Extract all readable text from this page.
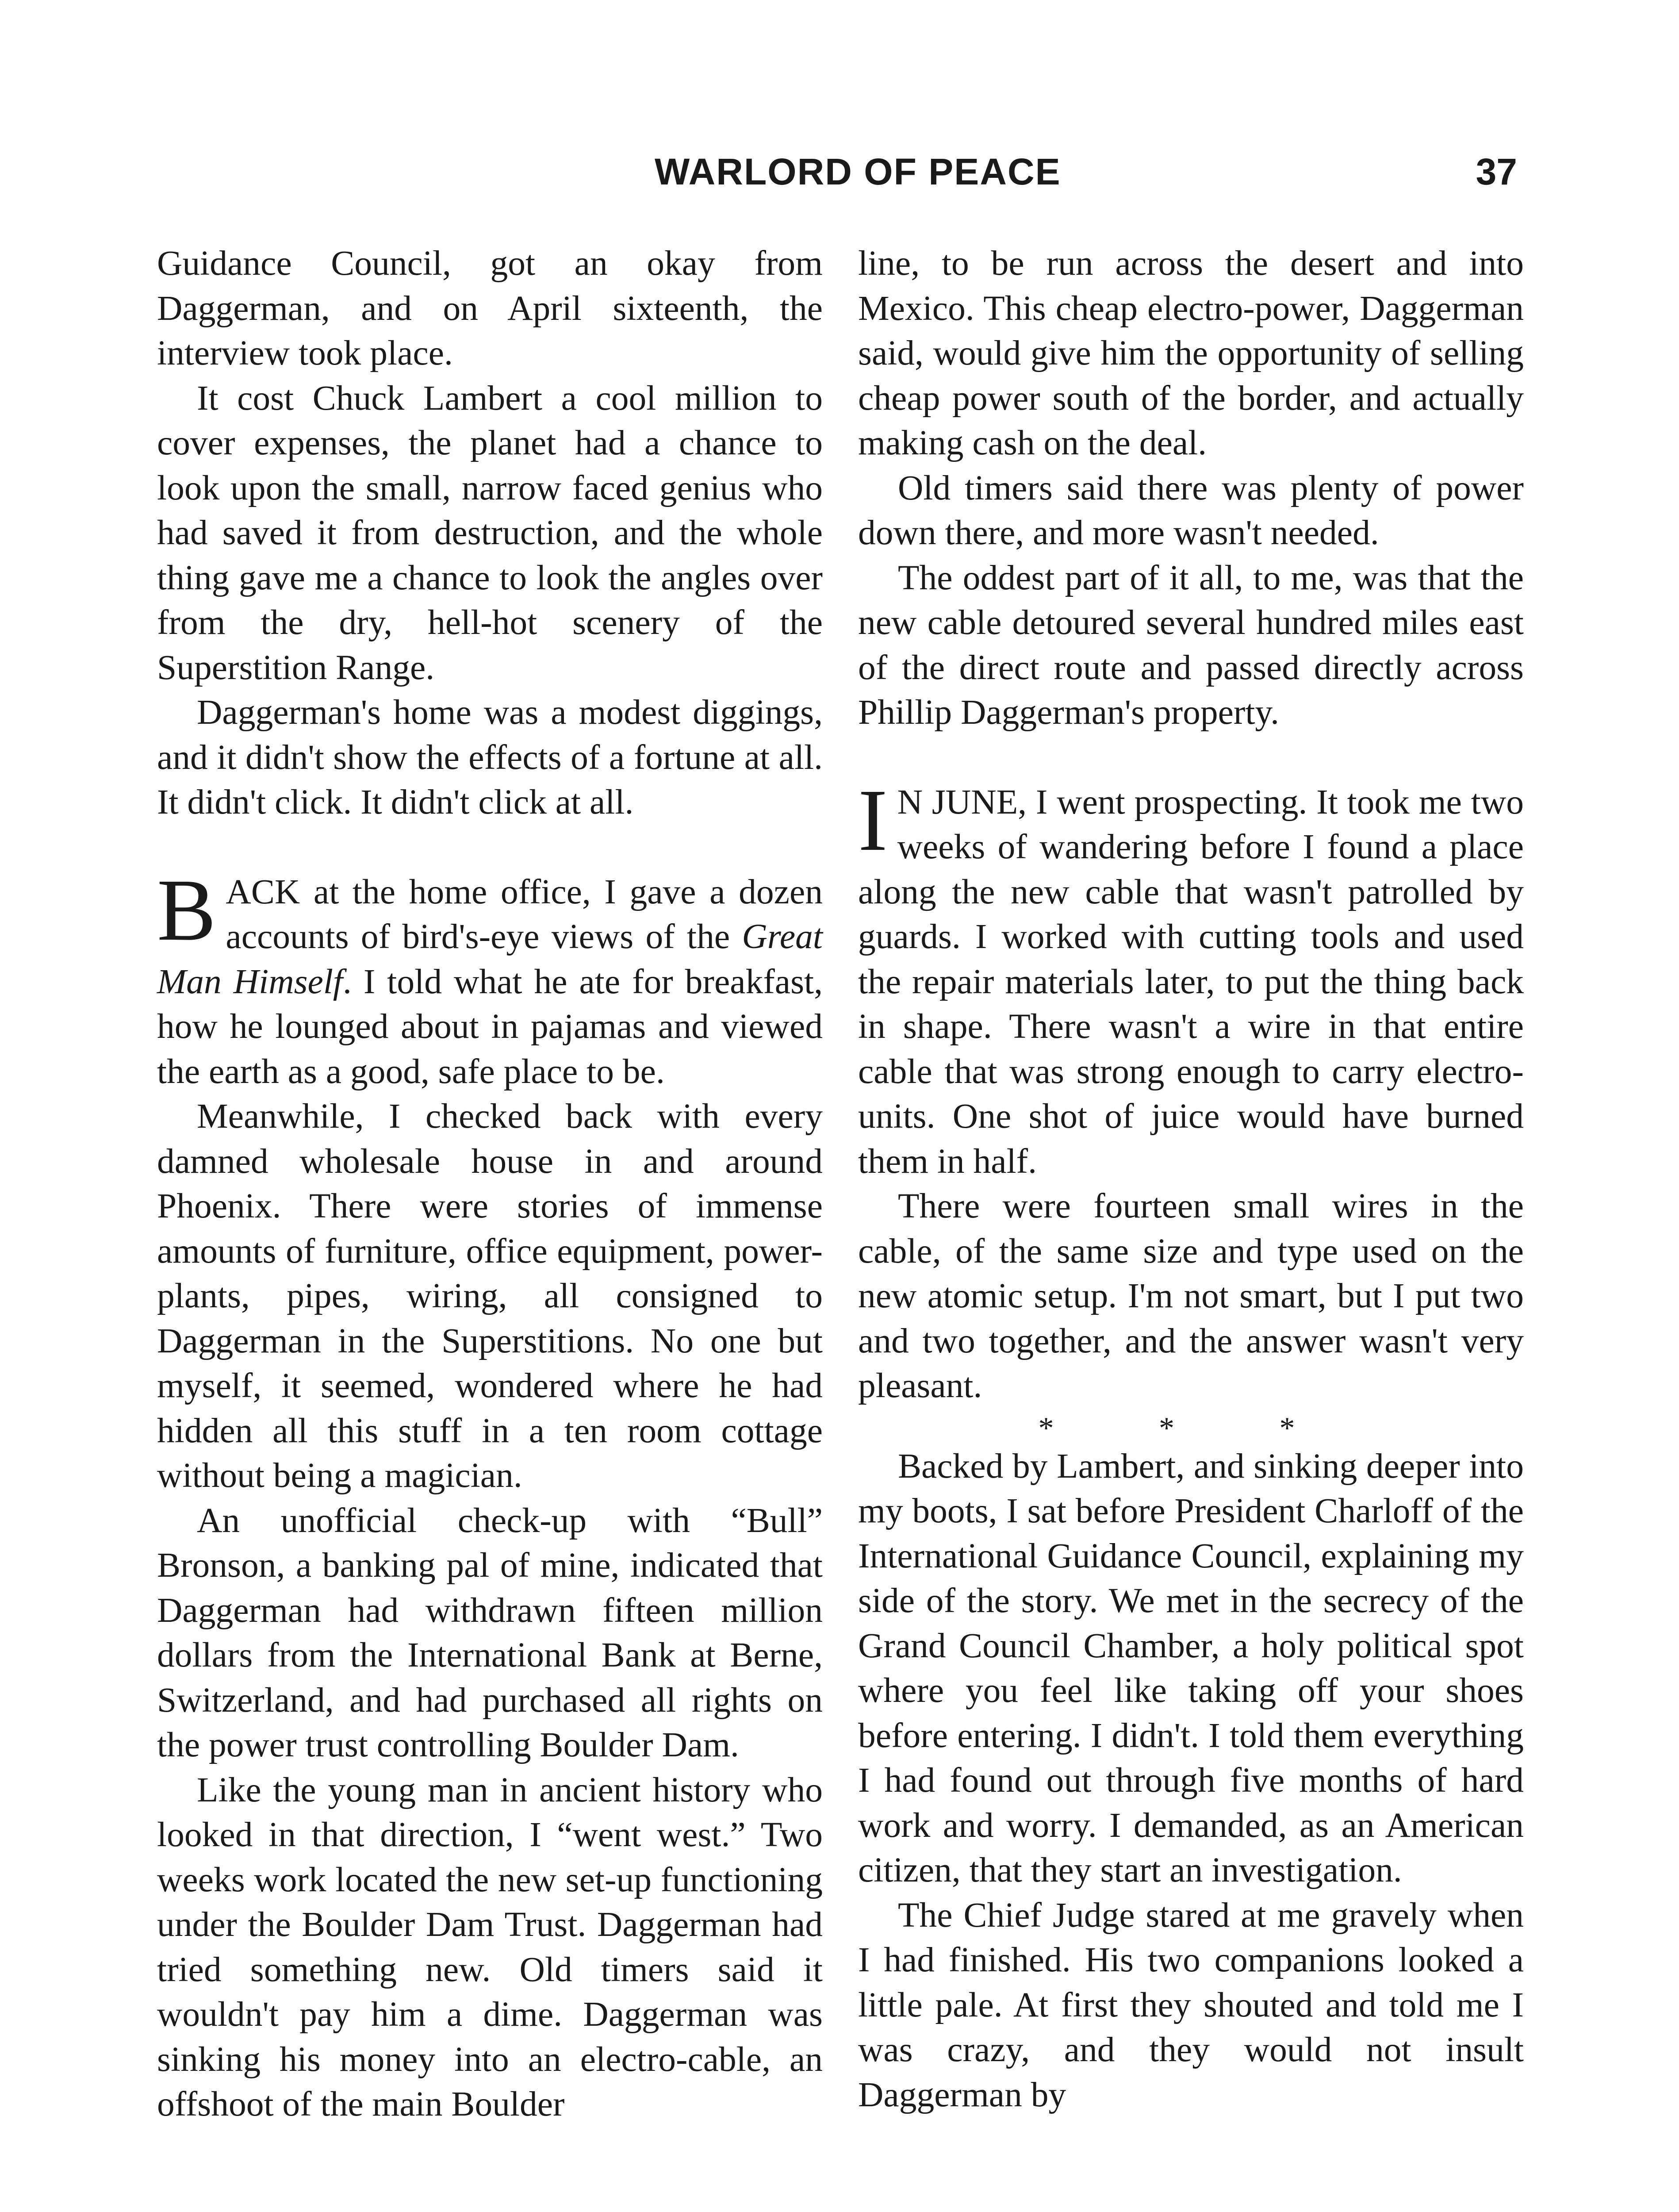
WARLORD OF PEACE	37

Guidance Council, got an okay from Daggerman, and on April sixteenth, the interview took place.

It cost Chuck Lambert a cool million to cover expenses, the planet had a chance to look upon the small, narrow faced genius who had saved it from destruction, and the whole thing gave me a chance to look the angles over from the dry, hell-hot scenery of the Superstition Range.

Daggerman's home was a modest diggings, and it didn't show the effects of a fortune at all. It didn't click. It didn't click at all.

BACK at the home office, I gave a dozen accounts of bird's-eye views of the Great Man Himself. I told what he ate for breakfast, how he lounged about in pajamas and viewed the earth as a good, safe place to be.

Meanwhile, I checked back with every damned wholesale house in and around Phoenix. There were stories of immense amounts of furniture, office equipment, power-plants, pipes, wiring, all consigned to Daggerman in the Superstitions. No one but myself, it seemed, wondered where he had hidden all this stuff in a ten room cottage without being a magician.

An unofficial check-up with “Bull” Bronson, a banking pal of mine, indicated that Daggerman had withdrawn fifteen million dollars from the International Bank at Berne, Switzerland, and had purchased all rights on the power trust controlling Boulder Dam.

Like the young man in ancient history who looked in that direction, I “went west.” Two weeks work located the new set-up functioning under the Boulder Dam Trust. Daggerman had tried something new. Old timers said it wouldn't pay him a dime. Daggerman was sinking his money into an electro-cable, an offshoot of the main Boulder

line, to be run across the desert and into Mexico. This cheap electro-power, Daggerman said, would give him the opportunity of selling cheap power south of the border, and actually making cash on the deal.

Old timers said there was plenty of power down there, and more wasn't needed.

The oddest part of it all, to me, was that the new cable detoured several hundred miles east of the direct route and passed directly across Phillip Daggerman's property.

I N JUNE, I went prospecting. It took me two weeks of wandering before I found a place along the new cable that wasn't patrolled by guards. I worked with cutting tools and used the repair materials later, to put the thing back in shape. There wasn't a wire in that entire cable that was strong enough to carry electro-units. One shot of juice would have burned them in half.

There were fourteen small wires in the cable, of the same size and type used on the new atomic setup. I'm not smart, but I put two and two together, and the answer wasn't very pleasant.

* * *

Backed by Lambert, and sinking deeper into my boots, I sat before President Charloff of the International Guidance Council, explaining my side of the story. We met in the secrecy of the Grand Council Chamber, a holy political spot where you feel like taking off your shoes before entering. I didn't. I told them everything I had found out through five months of hard work and worry. I demanded, as an American citizen, that they start an investigation.

The Chief Judge stared at me gravely when I had finished. His two companions looked a little pale. At first they shouted and told me I was crazy, and they would not insult Daggerman by
